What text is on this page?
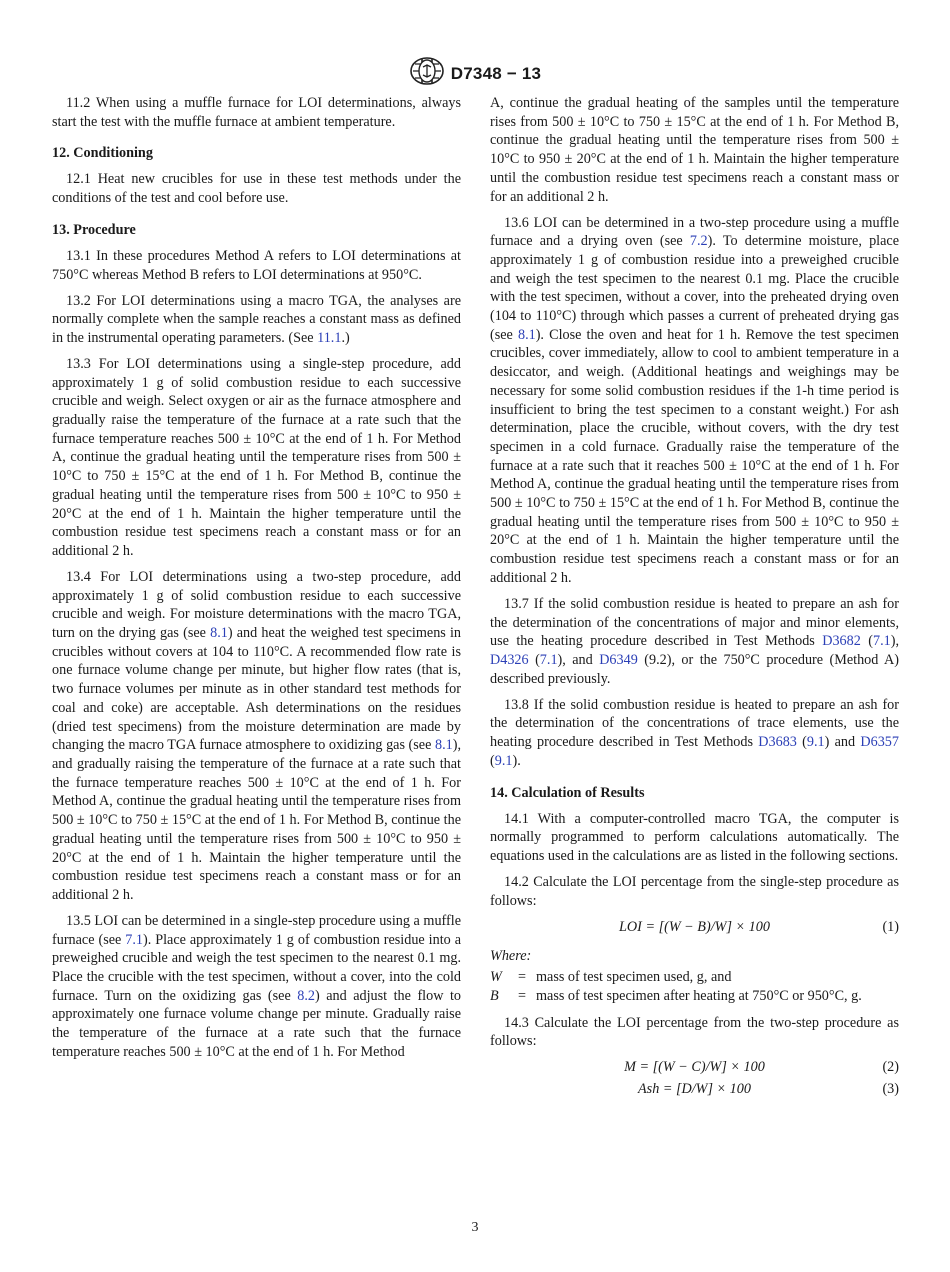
D7348 − 13

11.2 When using a muffle furnace for LOI determinations, always start the test with the muffle furnace at ambient temperature.

12. Conditioning

12.1 Heat new crucibles for use in these test methods under the conditions of the test and cool before use.

13. Procedure

13.1 In these procedures Method A refers to LOI determinations at 750°C whereas Method B refers to LOI determinations at 950°C.

13.2 For LOI determinations using a macro TGA, the analyses are normally complete when the sample reaches a constant mass as defined in the instrumental operating parameters. (See 11.1.)

13.3 For LOI determinations using a single-step procedure, add approximately 1 g of solid combustion residue to each successive crucible and weigh. Select oxygen or air as the furnace atmosphere and gradually raise the temperature of the furnace at a rate such that the furnace temperature reaches 500 ± 10°C at the end of 1 h. For Method A, continue the gradual heating until the temperature rises from 500 ± 10°C to 750 ± 15°C at the end of 1 h. For Method B, continue the gradual heating until the temperature rises from 500 ± 10°C to 950 ± 20°C at the end of 1 h. Maintain the higher temperature until the combustion residue test specimens reach a constant mass or for an additional 2 h.

13.4 For LOI determinations using a two-step procedure, add approximately 1 g of solid combustion residue to each successive crucible and weigh. For moisture determinations with the macro TGA, turn on the drying gas (see 8.1) and heat the weighed test specimens in crucibles without covers at 104 to 110°C. A recommended flow rate is one furnace volume change per minute, but higher flow rates (that is, two furnace volumes per minute as in other standard test methods for coal and coke) are acceptable. Ash determinations on the residues (dried test specimens) from the moisture determination are made by changing the macro TGA furnace atmosphere to oxidizing gas (see 8.1), and gradually raising the temperature of the furnace at a rate such that the furnace temperature reaches 500 ± 10°C at the end of 1 h. For Method A, continue the gradual heating until the temperature rises from 500 ± 10°C to 750 ± 15°C at the end of 1 h. For Method B, continue the gradual heating until the temperature rises from 500 ± 10°C to 950 ± 20°C at the end of 1 h. Maintain the higher temperature until the combustion residue test specimens reach a constant mass or for an additional 2 h.

13.5 LOI can be determined in a single-step procedure using a muffle furnace (see 7.1). Place approximately 1 g of combustion residue into a preweighed crucible and weigh the test specimen to the nearest 0.1 mg. Place the crucible with the test specimen, without a cover, into the cold furnace. Turn on the oxidizing gas (see 8.2) and adjust the flow to approximately one furnace volume change per minute. Gradually raise the temperature of the furnace at a rate such that the furnace temperature reaches 500 ± 10°C at the end of 1 h. For Method

A, continue the gradual heating of the samples until the temperature rises from 500 ± 10°C to 750 ± 15°C at the end of 1 h. For Method B, continue the gradual heating until the temperature rises from 500 ± 10°C to 950 ± 20°C at the end of 1 h. Maintain the higher temperature until the combustion residue test specimens reach a constant mass or for an additional 2 h.

13.6 LOI can be determined in a two-step procedure using a muffle furnace and a drying oven (see 7.2). To determine moisture, place approximately 1 g of combustion residue into a preweighed crucible and weigh the test specimen to the nearest 0.1 mg. Place the crucible with the test specimen, without a cover, into the preheated drying oven (104 to 110°C) through which passes a current of preheated drying gas (see 8.1). Close the oven and heat for 1 h. Remove the test specimen crucibles, cover immediately, allow to cool to ambient temperature in a desiccator, and weigh. (Additional heatings and weighings may be necessary for some solid combustion residues if the 1-h time period is insufficient to bring the test specimen to a constant weight.) For ash determination, place the crucible, without covers, with the dry test specimen in a cold furnace. Gradually raise the temperature of the furnace at a rate such that it reaches 500 ± 10°C at the end of 1 h. For Method A, continue the gradual heating until the temperature rises from 500 ± 10°C to 750 ± 15°C at the end of 1 h. For Method B, continue the gradual heating until the temperature rises from 500 ± 10°C to 950 ± 20°C at the end of 1 h. Maintain the higher temperature until the combustion residue test specimens reach a constant mass or for an additional 2 h.

13.7 If the solid combustion residue is heated to prepare an ash for the determination of the concentrations of major and minor elements, use the heating procedure described in Test Methods D3682 (7.1), D4326 (7.1), and D6349 (9.2), or the 750°C procedure (Method A) described previously.

13.8 If the solid combustion residue is heated to prepare an ash for the determination of the concentrations of trace elements, use the heating procedure described in Test Methods D3683 (9.1) and D6357 (9.1).

14. Calculation of Results

14.1 With a computer-controlled macro TGA, the computer is normally programmed to perform calculations automatically. The equations used in the calculations are as listed in the following sections.

14.2 Calculate the LOI percentage from the single-step procedure as follows:

LOI = [(W − B)/W] × 100	(1)
Where:
W	= mass of test specimen used, g, and
B	= mass of test specimen after heating at 750°C or 950°C, g.

14.3 Calculate the LOI percentage from the two-step procedure as follows:

M = [(W − C)/W] × 100	(2)
Ash = [D/W] × 100	(3)
3
